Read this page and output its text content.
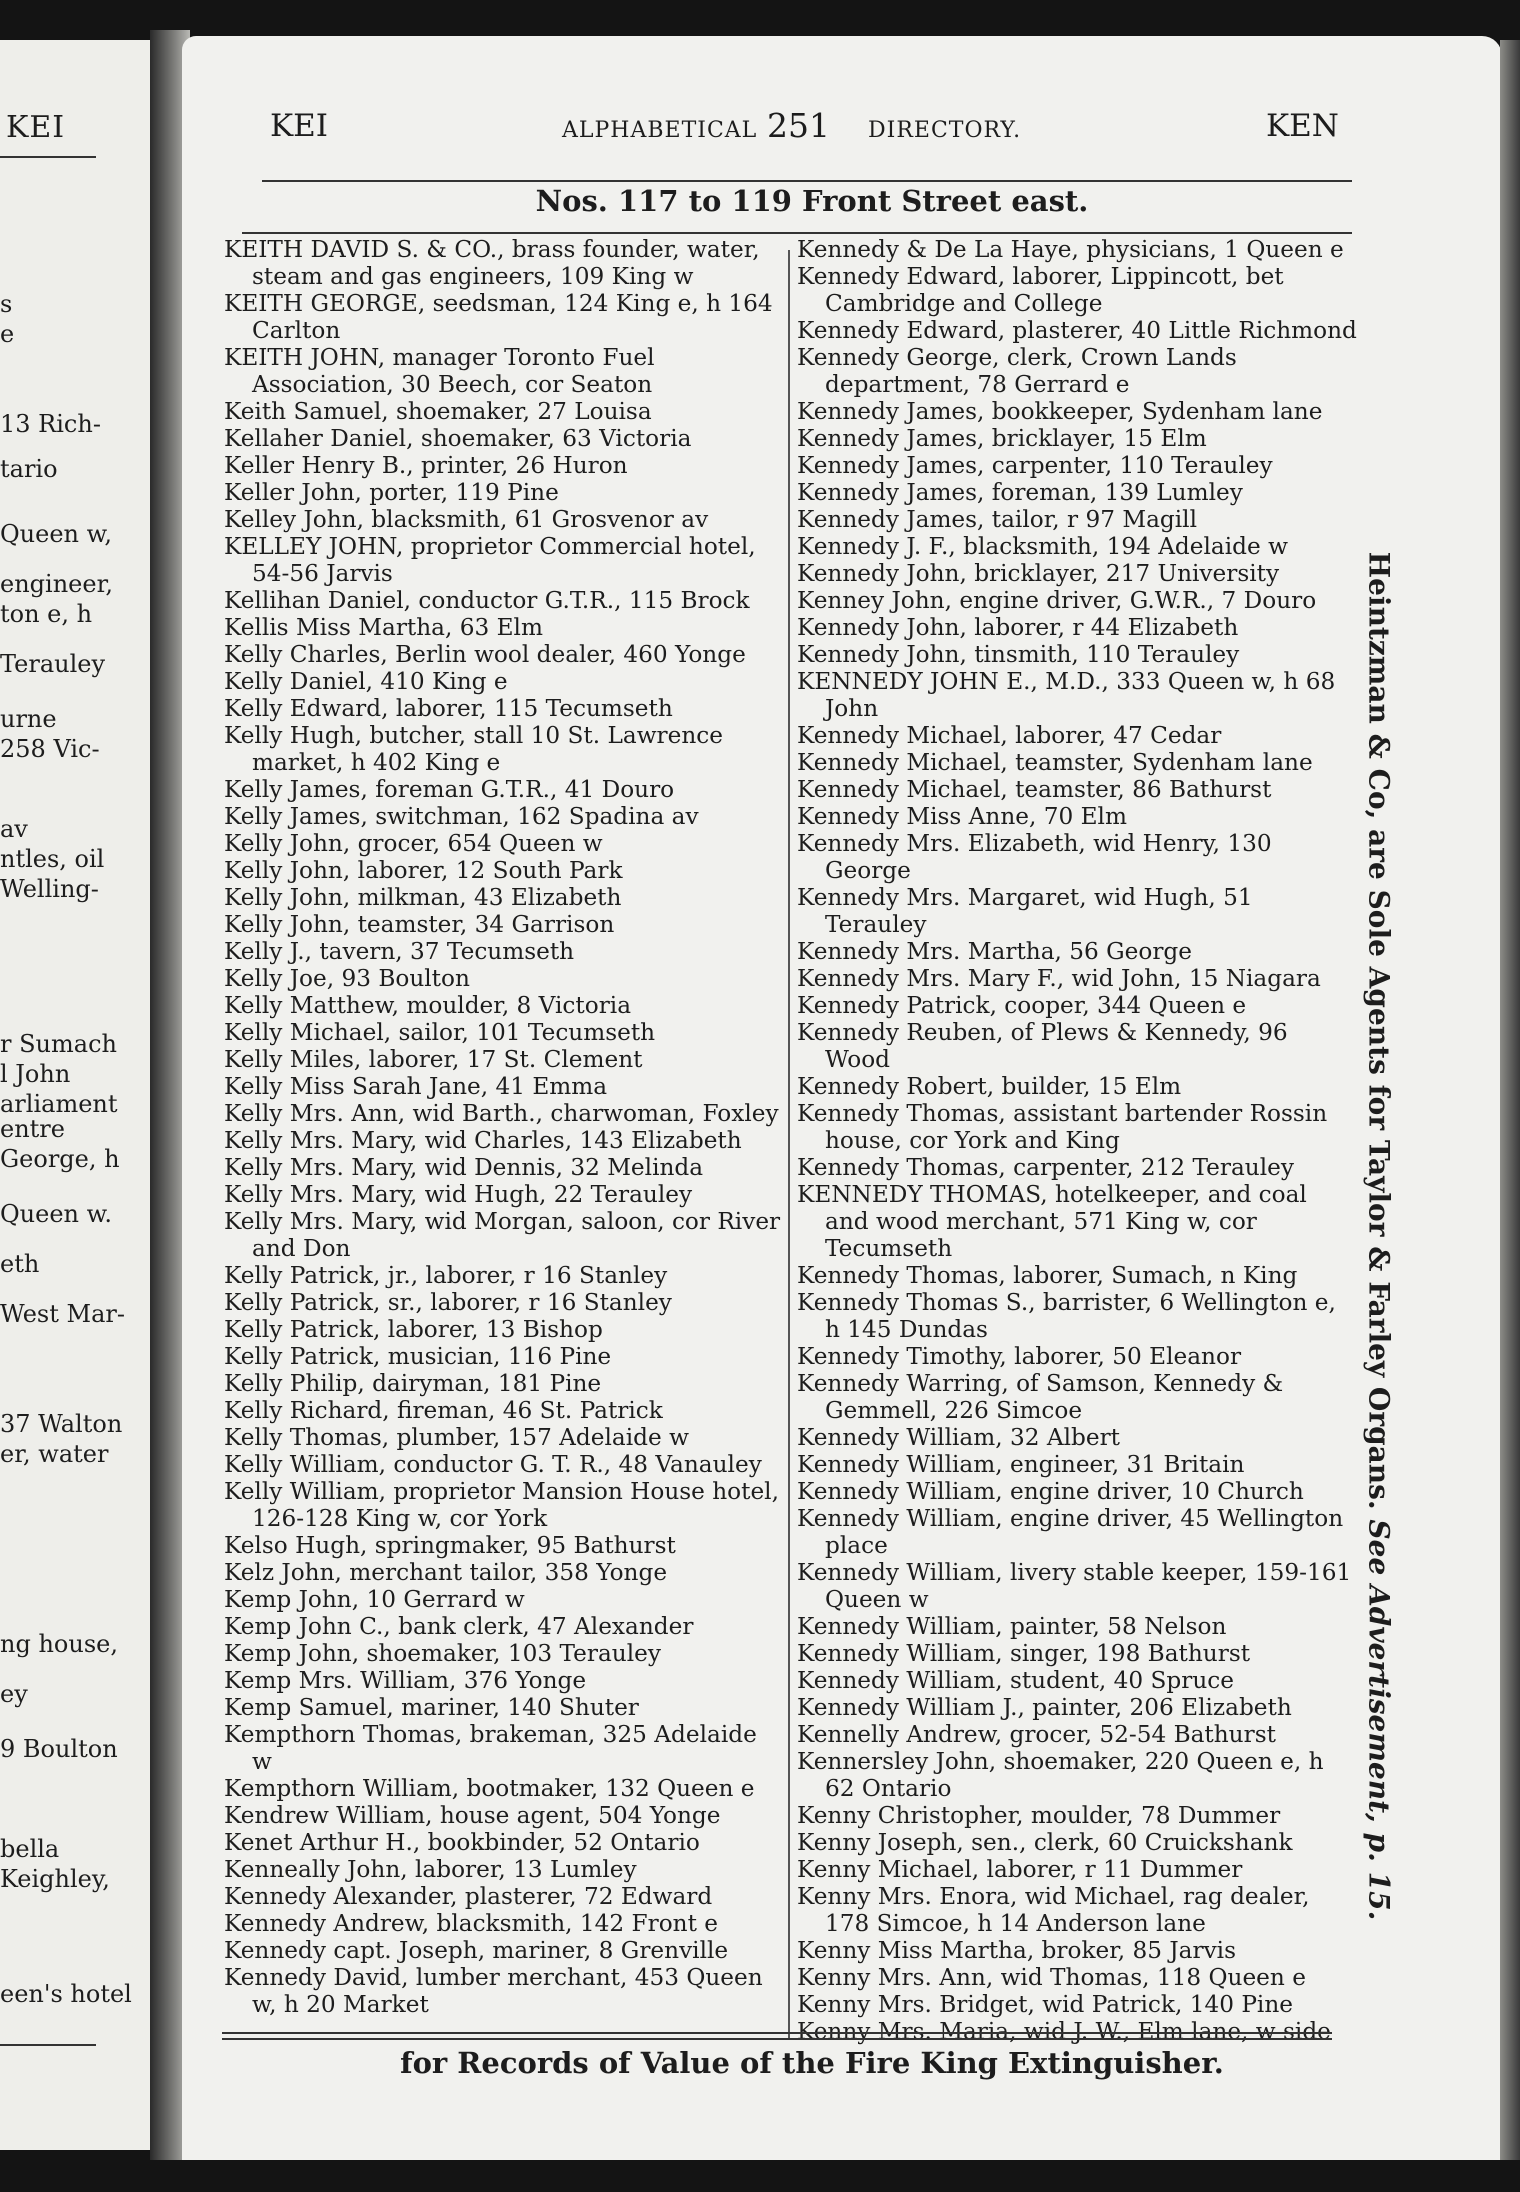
KEI
s
e
13 Rich-
tario
Queen w,
engineer,
ton e, h
Terauley
urne
258 Vic-
av
ntles, oil
Welling-
r Sumach
l John
arliament
entre
George, h
Queen w.
eth
West Mar-
37 Walton
er, water
ng house,
ey
9 Boulton
bella
Keighley,
een's hotel
KEI	ALPHABETICAL 251 DIRECTORY.	KEN
Nos. 117 to 119 Front Street east.
KEITH DAVID S. & CO., brass founder, water, steam and gas engineers, 109 King w
KEITH GEORGE, seedsman, 124 King e, h 164 Carlton
KEITH JOHN, manager Toronto Fuel Association, 30 Beech, cor Seaton
Keith Samuel, shoemaker, 27 Louisa
Kellaher Daniel, shoemaker, 63 Victoria
Keller Henry B., printer, 26 Huron
Keller John, porter, 119 Pine
Kelley John, blacksmith, 61 Grosvenor av
KELLEY JOHN, proprietor Commercial hotel, 54-56 Jarvis
Kellihan Daniel, conductor G.T.R., 115 Brock
Kellis Miss Martha, 63 Elm
Kelly Charles, Berlin wool dealer, 460 Yonge
Kelly Daniel, 410 King e
Kelly Edward, laborer, 115 Tecumseth
Kelly Hugh, butcher, stall 10 St. Lawrence market, h 402 King e
Kelly James, foreman G.T.R., 41 Douro
Kelly James, switchman, 162 Spadina av
Kelly John, grocer, 654 Queen w
Kelly John, laborer, 12 South Park
Kelly John, milkman, 43 Elizabeth
Kelly John, teamster, 34 Garrison
Kelly J., tavern, 37 Tecumseth
Kelly Joe, 93 Boulton
Kelly Matthew, moulder, 8 Victoria
Kelly Michael, sailor, 101 Tecumseth
Kelly Miles, laborer, 17 St. Clement
Kelly Miss Sarah Jane, 41 Emma
Kelly Mrs. Ann, wid Barth., charwoman, Foxley
Kelly Mrs. Mary, wid Charles, 143 Elizabeth
Kelly Mrs. Mary, wid Dennis, 32 Melinda
Kelly Mrs. Mary, wid Hugh, 22 Terauley
Kelly Mrs. Mary, wid Morgan, saloon, cor River and Don
Kelly Patrick, jr., laborer, r 16 Stanley
Kelly Patrick, sr., laborer, r 16 Stanley
Kelly Patrick, laborer, 13 Bishop
Kelly Patrick, musician, 116 Pine
Kelly Philip, dairyman, 181 Pine
Kelly Richard, fireman, 46 St. Patrick
Kelly Thomas, plumber, 157 Adelaide w
Kelly William, conductor G. T. R., 48 Vanauley
Kelly William, proprietor Mansion House hotel, 126-128 King w, cor York
Kelso Hugh, springmaker, 95 Bathurst
Kelz John, merchant tailor, 358 Yonge
Kemp John, 10 Gerrard w
Kemp John C., bank clerk, 47 Alexander
Kemp John, shoemaker, 103 Terauley
Kemp Mrs. William, 376 Yonge
Kemp Samuel, mariner, 140 Shuter
Kempthorn Thomas, brakeman, 325 Adelaide w
Kempthorn William, bootmaker, 132 Queen e
Kendrew William, house agent, 504 Yonge
Kenet Arthur H., bookbinder, 52 Ontario
Kenneally John, laborer, 13 Lumley
Kennedy Alexander, plasterer, 72 Edward
Kennedy Andrew, blacksmith, 142 Front e
Kennedy capt. Joseph, mariner, 8 Grenville
Kennedy David, lumber merchant, 453 Queen w, h 20 Market
Kennedy & De La Haye, physicians, 1 Queen e
Kennedy Edward, laborer, Lippincott, bet Cambridge and College
Kennedy Edward, plasterer, 40 Little Richmond
Kennedy George, clerk, Crown Lands department, 78 Gerrard e
Kennedy James, bookkeeper, Sydenham lane
Kennedy James, bricklayer, 15 Elm
Kennedy James, carpenter, 110 Terauley
Kennedy James, foreman, 139 Lumley
Kennedy James, tailor, r 97 Magill
Kennedy J. F., blacksmith, 194 Adelaide w
Kennedy John, bricklayer, 217 University
Kenney John, engine driver, G.W.R., 7 Douro
Kennedy John, laborer, r 44 Elizabeth
Kennedy John, tinsmith, 110 Terauley
KENNEDY JOHN E., M.D., 333 Queen w, h 68 John
Kennedy Michael, laborer, 47 Cedar
Kennedy Michael, teamster, Sydenham lane
Kennedy Michael, teamster, 86 Bathurst
Kennedy Miss Anne, 70 Elm
Kennedy Mrs. Elizabeth, wid Henry, 130 George
Kennedy Mrs. Margaret, wid Hugh, 51 Terauley
Kennedy Mrs. Martha, 56 George
Kennedy Mrs. Mary F., wid John, 15 Niagara
Kennedy Patrick, cooper, 344 Queen e
Kennedy Reuben, of Plews & Kennedy, 96 Wood
Kennedy Robert, builder, 15 Elm
Kennedy Thomas, assistant bartender Rossin house, cor York and King
Kennedy Thomas, carpenter, 212 Terauley
KENNEDY THOMAS, hotelkeeper, and coal and wood merchant, 571 King w, cor Tecumseth
Kennedy Thomas, laborer, Sumach, n King
Kennedy Thomas S., barrister, 6 Wellington e, h 145 Dundas
Kennedy Timothy, laborer, 50 Eleanor
Kennedy Warring, of Samson, Kennedy & Gemmell, 226 Simcoe
Kennedy William, 32 Albert
Kennedy William, engineer, 31 Britain
Kennedy William, engine driver, 10 Church
Kennedy William, engine driver, 45 Wellington place
Kennedy William, livery stable keeper, 159-161 Queen w
Kennedy William, painter, 58 Nelson
Kennedy William, singer, 198 Bathurst
Kennedy William, student, 40 Spruce
Kennedy William J., painter, 206 Elizabeth
Kennelly Andrew, grocer, 52-54 Bathurst
Kennersley John, shoemaker, 220 Queen e, h 62 Ontario
Kenny Christopher, moulder, 78 Dummer
Kenny Joseph, sen., clerk, 60 Cruickshank
Kenny Michael, laborer, r 11 Dummer
Kenny Mrs. Enora, wid Michael, rag dealer, 178 Simcoe, h 14 Anderson lane
Kenny Miss Martha, broker, 85 Jarvis
Kenny Mrs. Ann, wid Thomas, 118 Queen e
Kenny Mrs. Bridget, wid Patrick, 140 Pine
Kenny Mrs. Maria, wid J. W., Elm lane, w side
Heintzman & Co, are Sole Agents for Taylor & Farley Organs. See Advertisement, p. 15.
for Records of Value of the Fire King Extinguisher.
